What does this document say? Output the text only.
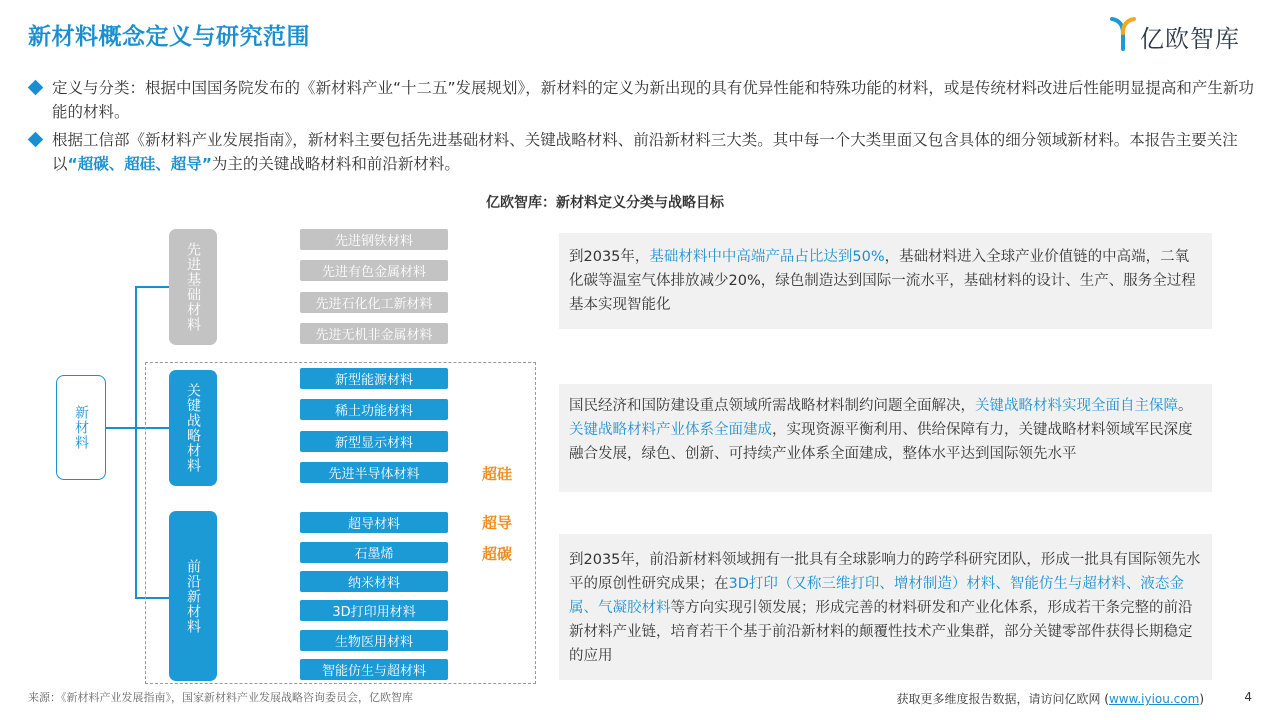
新材料概念定义与研究范围	亿欧智库
定义与分类：根据中国国务院发布的《新材料产业“十二五”发展规划》，新材料的定义为新出现的具有优异性能和特殊功能的材料，或是传统材料改进后性能明显提高和产生新功能的材料。
根据工信部《新材料产业发展指南》，新材料主要包括先进基础材料、关键战略材料、前沿新材料三大类。其中每一个大类里面又包含具体的细分领域新材料。本报告主要关注以“超碳、超硅、超导”为主的关键战略材料和前沿新材料。
亿欧智库：新材料定义分类与战略目标
新材料
先进基础材料
关键战略材料
前沿新材料
先进钢铁材料
先进有色金属材料
先进石化化工新材料
先进无机非金属材料
新型能源材料
稀土功能材料
新型显示材料
先进半导体材料
超导材料
石墨烯
纳米材料
3D打印用材料
生物医用材料
智能仿生与超材料
超硅
超导
超碳
到2035年，基础材料中中高端产品占比达到50%，基础材料进入全球产业价值链的中高端，二氧化碳等温室气体排放减少20%，绿色制造达到国际一流水平，基础材料的设计、生产、服务全过程基本实现智能化
国民经济和国防建设重点领域所需战略材料制约问题全面解决，关键战略材料实现全面自主保障。关键战略材料产业体系全面建成，实现资源平衡利用、供给保障有力，关键战略材料领域军民深度融合发展，绿色、创新、可持续产业体系全面建成，整体水平达到国际领先水平
到2035年，前沿新材料领域拥有一批具有全球影响力的跨学科研究团队，形成一批具有国际领先水平的原创性研究成果；在3D打印（又称三维打印、增材制造）材料、智能仿生与超材料、液态金属、气凝胶材料等方向实现引领发展；形成完善的材料研发和产业化体系，形成若干条完整的前沿新材料产业链，培育若干个基于前沿新材料的颠覆性技术产业集群，部分关键零部件获得长期稳定的应用
来源：《新材料产业发展指南》，国家新材料产业发展战略咨询委员会，亿欧智库	获取更多维度报告数据，请访问亿欧网 (www.iyiou.com)	4
